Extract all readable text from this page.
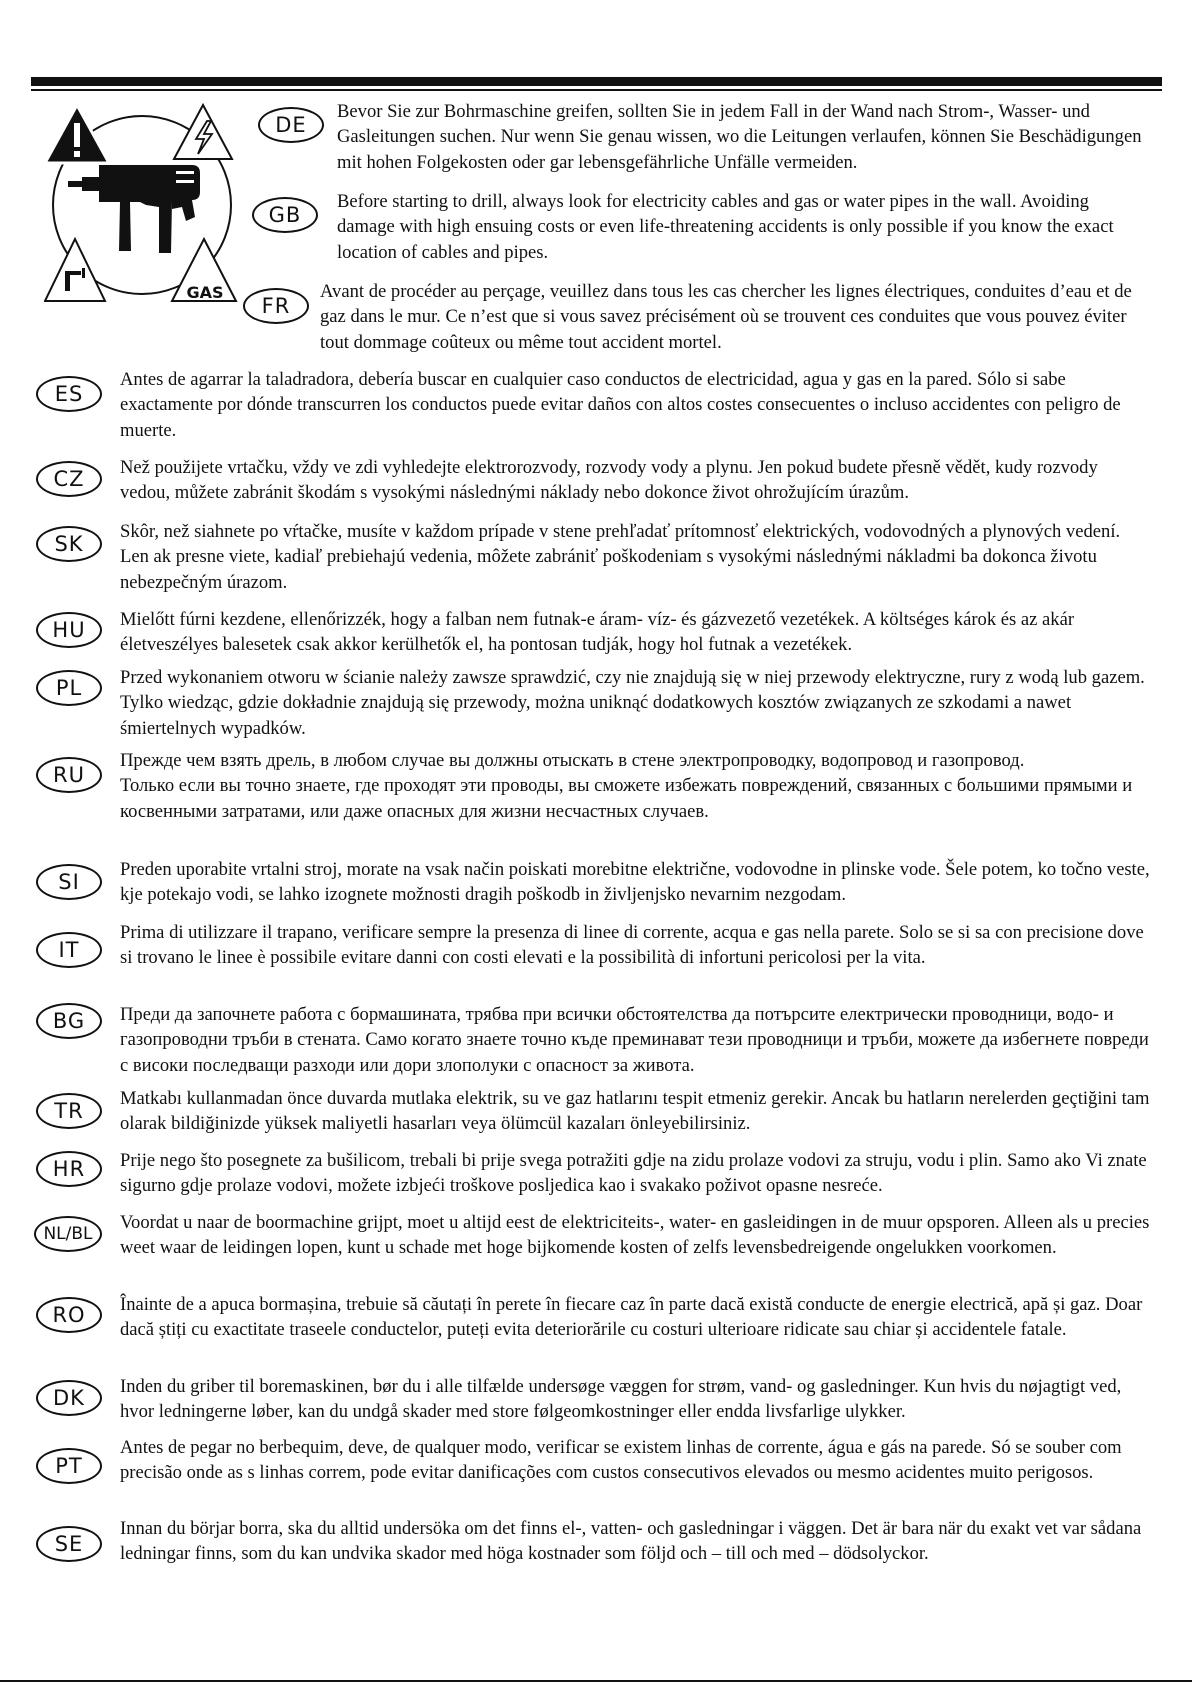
GAS
DE

Bevor Sie zur Bohrmaschine greifen, sollten Sie in jedem Fall in der Wand nach Strom-, Wasser- und Gasleitungen suchen. Nur wenn Sie genau wissen, wo die Leitungen verlaufen, können Sie Beschädigungen mit hohen Folgekosten oder gar lebensgefährliche Unfälle vermeiden.

GB

Before starting to drill, always look for electricity cables and gas or water pipes in the wall. Avoiding damage with high ensuing costs or even life-threatening accidents is only possible if you know the exact location of cables and pipes.

FR

Avant de procéder au perçage, veuillez dans tous les cas chercher les lignes électriques, conduites d’eau et de gaz dans le mur. Ce n’est que si vous savez précisément où se trouvent ces conduites que vous pouvez éviter tout dommage coûteux ou même tout accident mortel.

ES

Antes de agarrar la taladradora, debería buscar en cualquier caso conductos de electricidad, agua y gas en la pared. Sólo si sabe exactamente por dónde transcurren los conductos puede evitar daños con altos costes consecuentes o incluso accidentes con peligro de muerte.

CZ	Než použijete vrtačku, vždy ve zdi vyhledejte elektrorozvody, rozvody vody a plynu. Jen pokud budete přesně vědět, kudy rozvody vedou, můžete zabránit škodám s vysokými následnými náklady nebo dokonce život ohrožujícím úrazům.

SK

Skôr, než siahnete po vŕtačke, musíte v každom prípade v stene prehľadať prítomnosť elektrických, vodovodných a plynových vedení. Len ak presne viete, kadiaľ prebiehajú vedenia, môžete zabrániť poškodeniam s vysokými následnými nákladmi ba dokonca životu nebezpečným úrazom.

HU	Mielőtt fúrni kezdene, ellenőrizzék, hogy a falban nem futnak-e áram- víz- és gázvezető vezetékek. A költséges károk és az akár életveszélyes balesetek csak akkor kerülhetők el, ha pontosan tudják, hogy hol futnak a vezetékek.

PL	Przed wykonaniem otworu w ścianie należy zawsze sprawdzić, czy nie znajdują się w niej przewody elektryczne, rury z wodą lub gazem. Tylko wiedząc, gdzie dokładnie znajdują się przewody, można uniknąć dodatkowych kosztów związanych ze szkodami a nawet śmiertelnych wypadków.

RU

Прежде чем взять дрель, в любом случае вы должны отыскать в стене электропроводку, водопровод и газопровод.
Только если вы точно знаете, где проходят эти проводы, вы сможете избежать повреждений, связанных с большими прямыми и косвенными затратами, или даже опасных для жизни несчастных случаев.

SI

Preden uporabite vrtalni stroj, morate na vsak način poiskati morebitne električne, vodovodne in plinske vode. Šele potem, ko točno veste, kje potekajo vodi, se lahko izognete možnosti dragih poškodb in življenjsko nevarnim nezgodam.

IT

Prima di utilizzare il trapano, verificare sempre la presenza di linee di corrente, acqua e gas nella parete. Solo se si sa con precisione dove si trovano le linee è possibile evitare danni con costi elevati e la possibilità di infortuni pericolosi per la vita.

BG	Преди да започнете работа с бормашината, трябва при всички обстоятелства да потърсите електрически проводници, водо- и газопроводни тръби в стената. Само когато знаете точно къде преминават тези проводници и тръби, можете да избегнете повреди с високи последващи разходи или дори злополуки с опасност за живота.

TR

Matkabı kullanmadan önce duvarda mutlaka elektrik, su ve gaz hatlarını tespit etmeniz gerekir. Ancak bu hatların nerelerden geçtiğini tam olarak bildiğinizde yüksek maliyetli hasarları veya ölümcül kazaları önleyebilirsiniz.

HR	Prije nego što posegnete za bušilicom, trebali bi prije svega potražiti gdje na zidu prolaze vodovi za struju, vodu i plin. Samo ako Vi znate sigurno gdje prolaze vodovi, možete izbjeći troškove posljedica kao i svakako poživot opasne nesreće.

NL/BL

Voordat u naar de boormachine grijpt, moet u altijd eest de elektriciteits-, water- en gasleidingen in de muur opsporen. Alleen als u precies weet waar de leidingen lopen, kunt u schade met hoge bijkomende kosten of zelfs levensbedreigende ongelukken voorkomen.

RO	Înainte de a apuca bormașina, trebuie să căutați în perete în fiecare caz în parte dacă există conducte de energie electrică, apă și gaz. Doar dacă știți cu exactitate traseele conductelor, puteți evita deteriorările cu costuri ulterioare ridicate sau chiar și accidentele fatale.

DK	Inden du griber til boremaskinen, bør du i alle tilfælde undersøge væggen for strøm, vand- og gasledninger. Kun hvis du nøjagtigt ved, hvor ledningerne løber, kan du undgå skader med store følgeomkostninger eller endda livsfarlige ulykker.

PT

Antes de pegar no berbequim, deve, de qualquer modo, verificar se existem linhas de corrente, água e gás na parede. Só se souber com precisão onde as s linhas correm, pode evitar danificações com custos consecutivos elevados ou mesmo acidentes muito perigosos.

SE

Innan du börjar borra, ska du alltid undersöka om det finns el-, vatten- och gasledningar i väggen. Det är bara när du exakt vet var sådana ledningar finns, som du kan undvika skador med höga kostnader som följd och – till och med – dödsolyckor.
